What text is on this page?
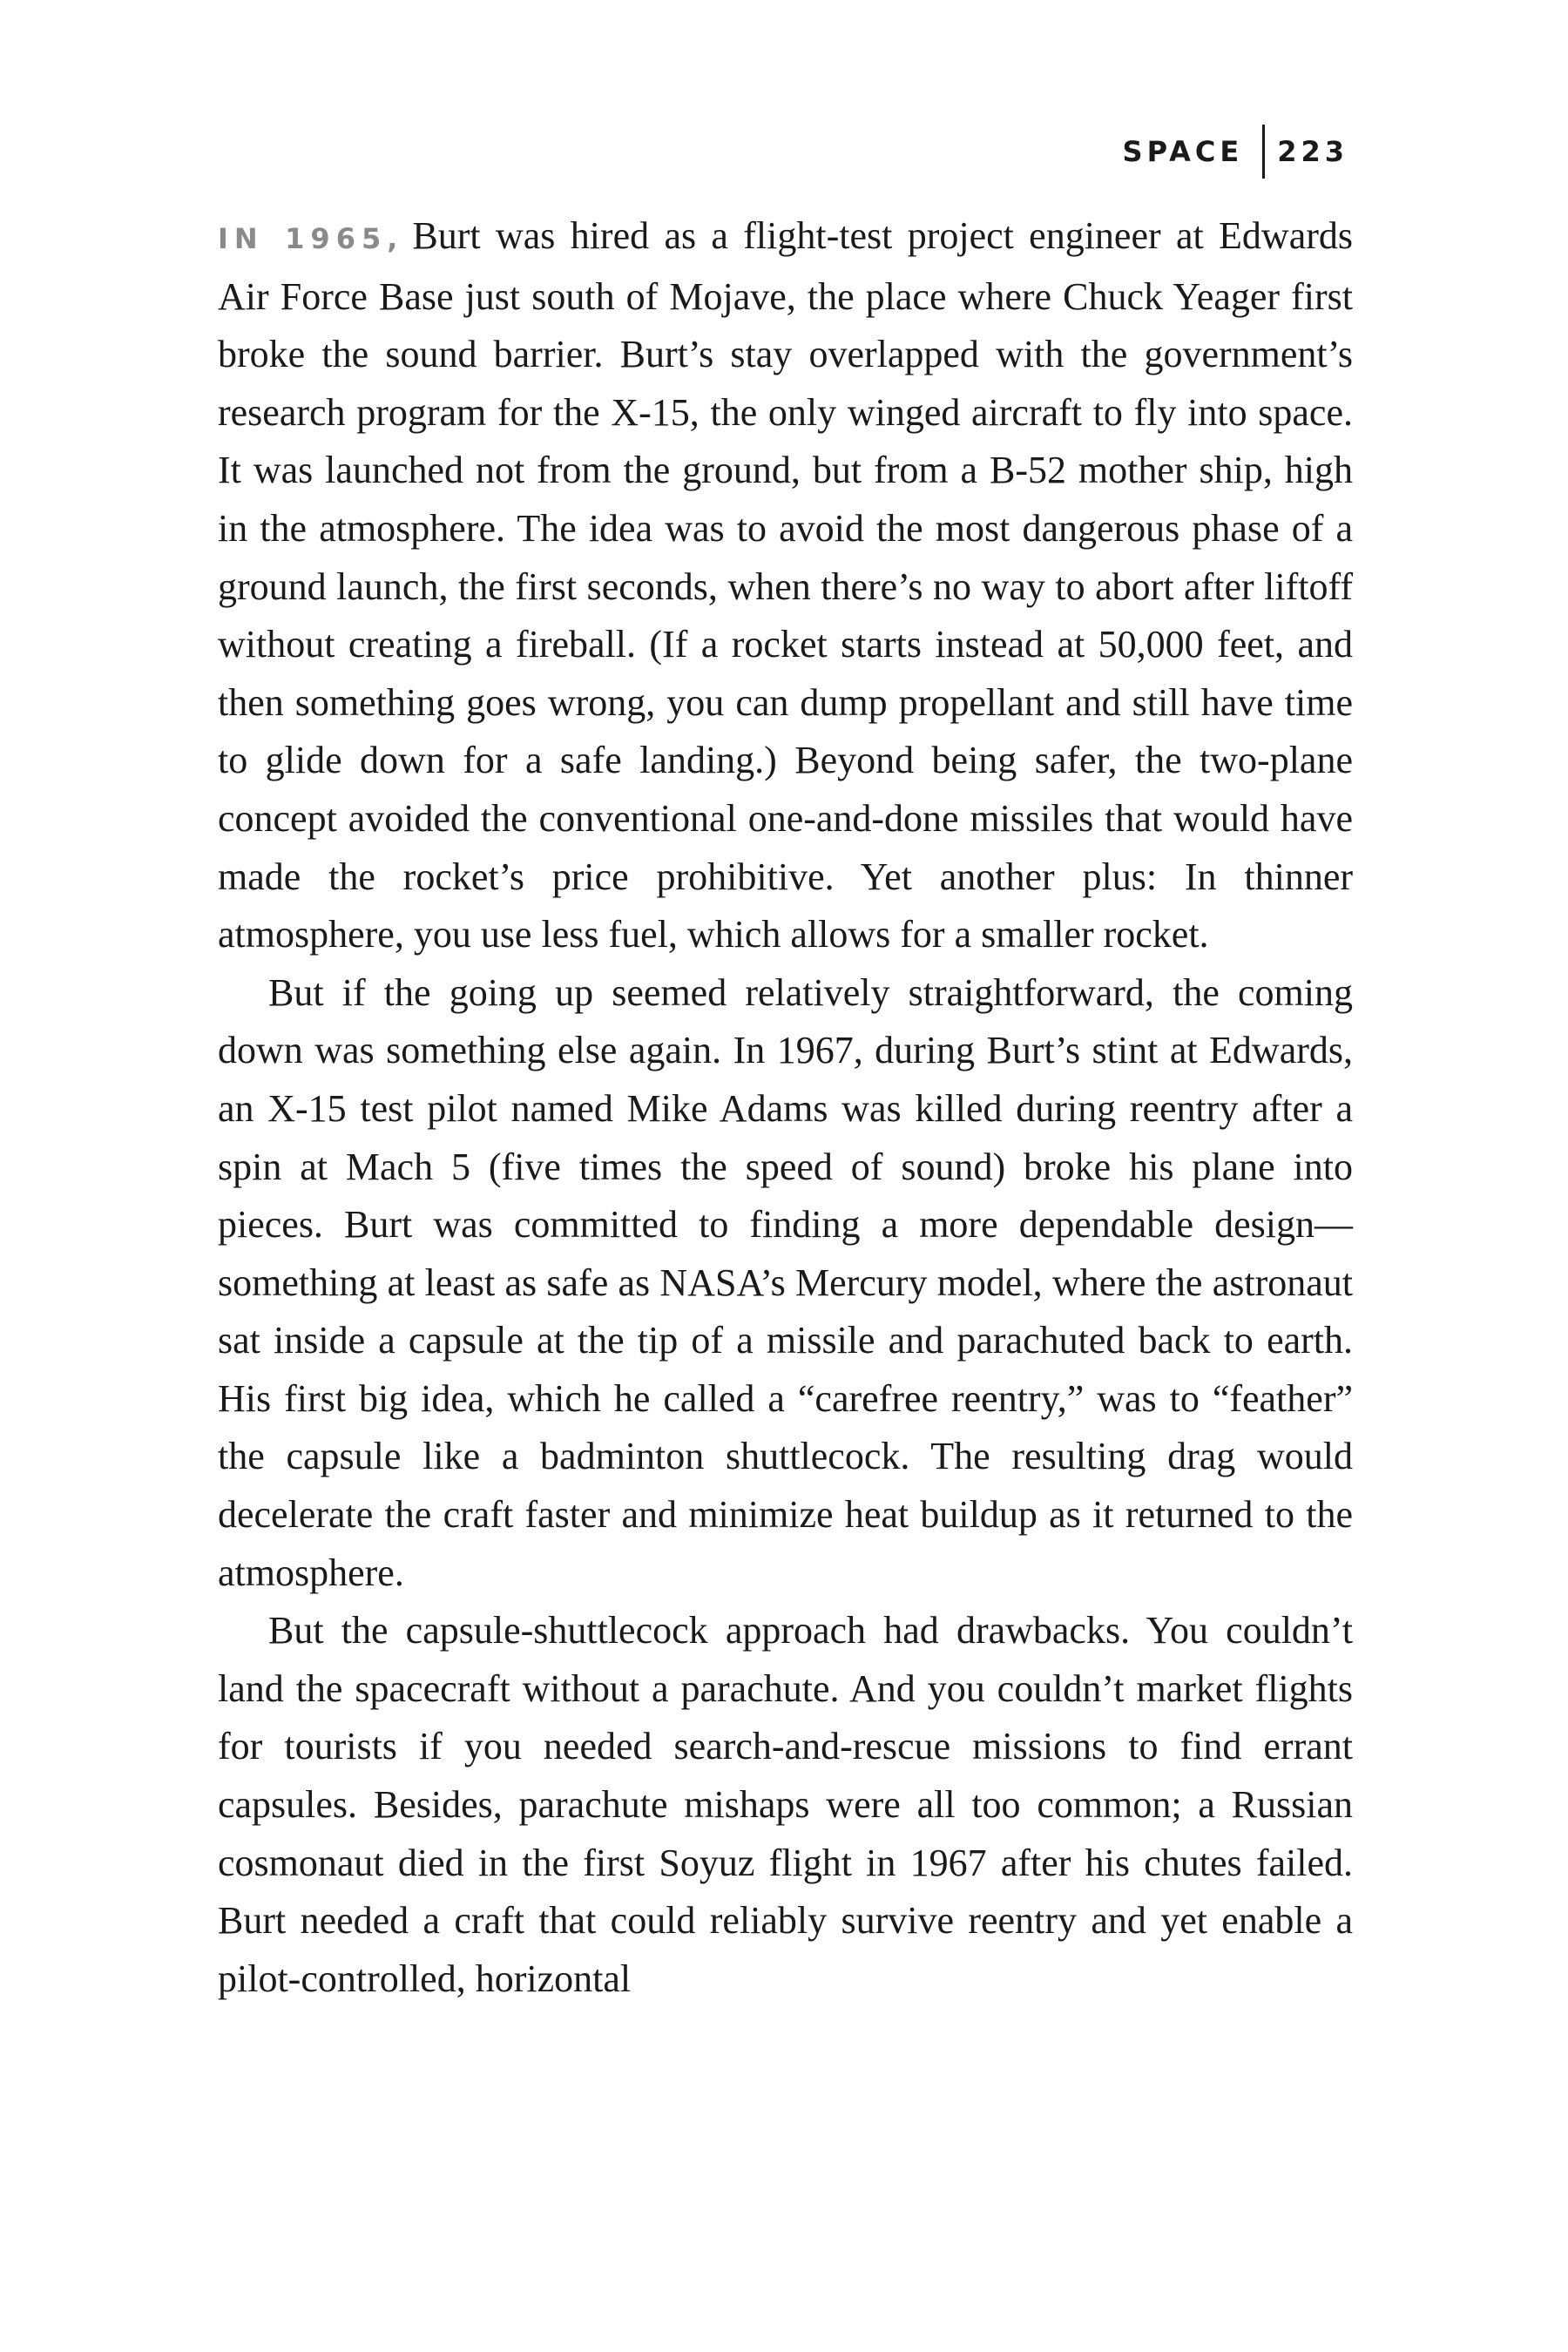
SPACE	223

IN 1965, Burt was hired as a flight-test project engineer at Edwards Air Force Base just south of Mojave, the place where Chuck Yeager first broke the sound barrier. Burt’s stay overlapped with the government’s research program for the X-15, the only winged aircraft to fly into space. It was launched not from the ground, but from a B-52 mother ship, high in the atmosphere. The idea was to avoid the most dangerous phase of a ground launch, the first seconds, when there’s no way to abort after liftoff without creating a fireball. (If a rocket starts instead at 50,000 feet, and then something goes wrong, you can dump propellant and still have time to glide down for a safe landing.) Beyond being safer, the two-plane concept avoided the conventional one-and-done missiles that would have made the rocket’s price prohibitive. Yet another plus: In thinner atmosphere, you use less fuel, which allows for a smaller rocket.

But if the going up seemed relatively straightforward, the coming down was something else again. In 1967, during Burt’s stint at Edwards, an X-15 test pilot named Mike Adams was killed during reentry after a spin at Mach 5 (five times the speed of sound) broke his plane into pieces. Burt was committed to finding a more dependable design—something at least as safe as NASA’s Mercury model, where the astronaut sat inside a capsule at the tip of a missile and parachuted back to earth. His first big idea, which he called a “carefree reentry,” was to “feather” the capsule like a badminton shuttlecock. The resulting drag would decelerate the craft faster and minimize heat buildup as it returned to the atmosphere.

But the capsule-shuttlecock approach had drawbacks. You couldn’t land the spacecraft without a parachute. And you couldn’t market flights for tourists if you needed search-and-rescue missions to find errant capsules. Besides, parachute mishaps were all too common; a Russian cosmonaut died in the first Soyuz flight in 1967 after his chutes failed. Burt needed a craft that could reliably survive reentry and yet enable a pilot-controlled, horizontal
